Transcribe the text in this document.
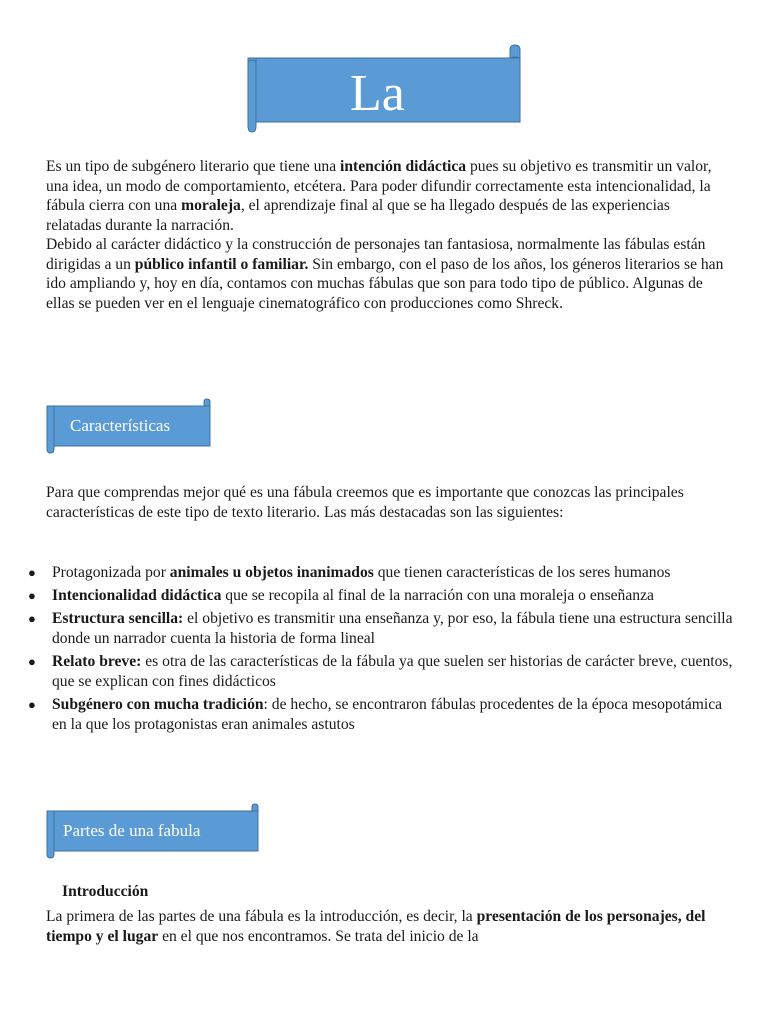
La

Es un tipo de subgénero literario que tiene una intención didáctica pues su objetivo es transmitir un valor, una idea, un modo de comportamiento, etcétera. Para poder difundir correctamente esta intencionalidad, la fábula cierra con una moraleja, el aprendizaje final al que se ha llegado después de las experiencias relatadas durante la narración.

Debido al carácter didáctico y la construcción de personajes tan fantasiosa, normalmente las fábulas están dirigidas a un público infantil o familiar. Sin embargo, con el paso de los años, los géneros literarios se han ido ampliando y, hoy en día, contamos con muchas fábulas que son para todo tipo de público. Algunas de ellas se pueden ver en el lenguaje cinematográfico con producciones como Shreck.

Características

Para que comprendas mejor qué es una fábula creemos que es importante que conozcas las principales características de este tipo de texto literario. Las más destacadas son las siguientes:

● Protagonizada por animales u objetos inanimados que tienen características de los seres humanos
● Intencionalidad didáctica que se recopila al final de la narración con una moraleja o enseñanza
● Estructura sencilla: el objetivo es transmitir una enseñanza y, por eso, la fábula tiene una estructura sencilla donde un narrador cuenta la historia de forma lineal
● Relato breve: es otra de las características de la fábula ya que suelen ser historias de carácter breve, cuentos, que se explican con fines didácticos
● Subgénero con mucha tradición: de hecho, se encontraron fábulas procedentes de la época mesopotámica en la que los protagonistas eran animales astutos
Partes de una fabula
Introducción

La primera de las partes de una fábula es la introducción, es decir, la presentación de los personajes, del tiempo y el lugar en el que nos encontramos. Se trata del inicio de la
